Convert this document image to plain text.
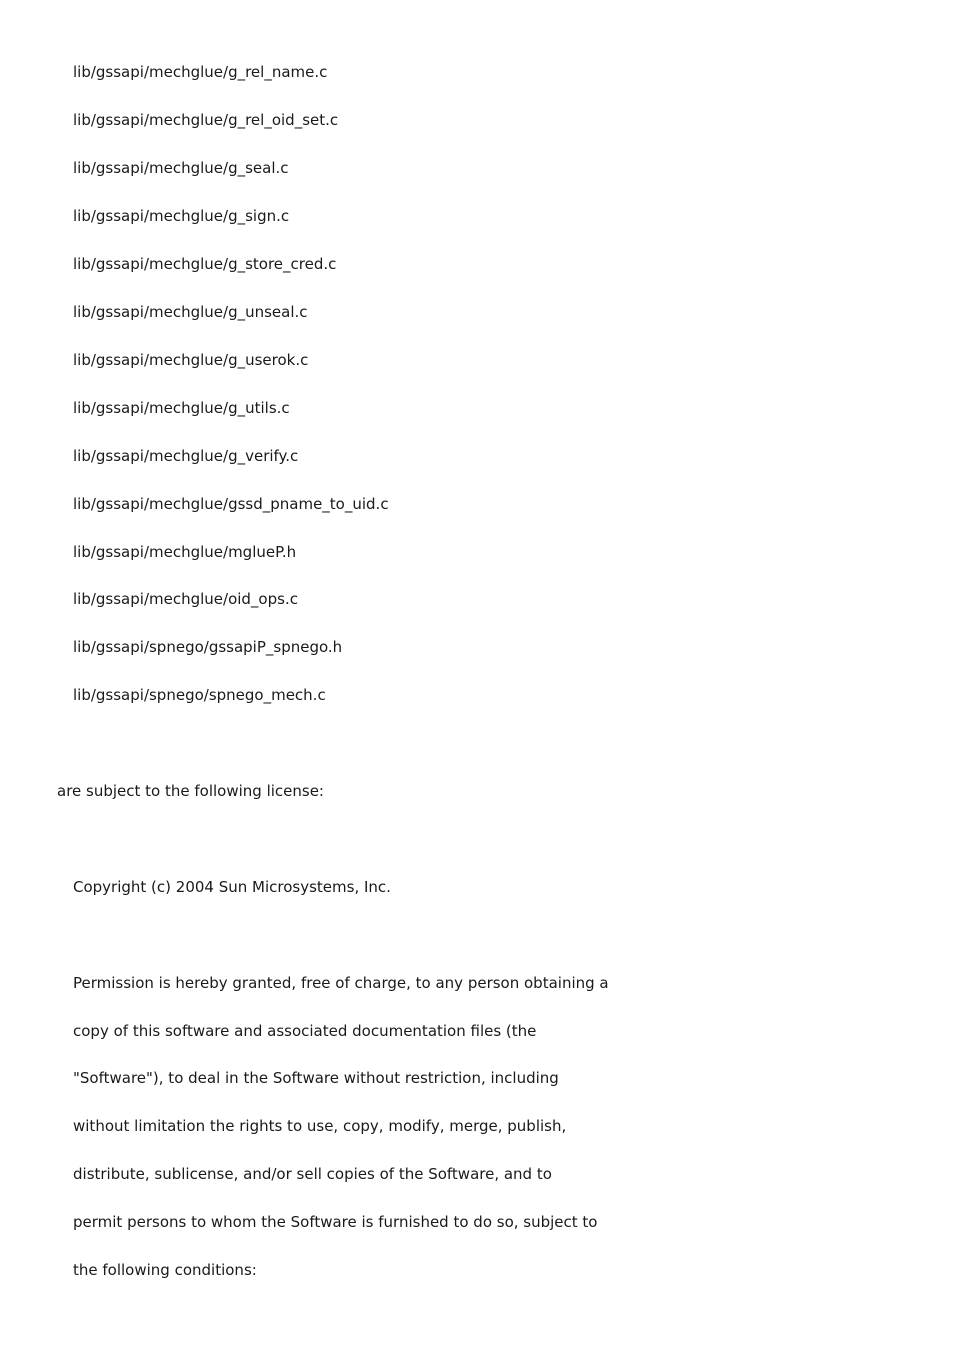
lib/gssapi/mechglue/g_rel_name.c
lib/gssapi/mechglue/g_rel_oid_set.c
lib/gssapi/mechglue/g_seal.c
lib/gssapi/mechglue/g_sign.c
lib/gssapi/mechglue/g_store_cred.c
lib/gssapi/mechglue/g_unseal.c
lib/gssapi/mechglue/g_userok.c
lib/gssapi/mechglue/g_utils.c
lib/gssapi/mechglue/g_verify.c
lib/gssapi/mechglue/gssd_pname_to_uid.c
lib/gssapi/mechglue/mglueP.h
lib/gssapi/mechglue/oid_ops.c
lib/gssapi/spnego/gssapiP_spnego.h
lib/gssapi/spnego/spnego_mech.c
are subject to the following license:
Copyright (c) 2004 Sun Microsystems, Inc.
Permission is hereby granted, free of charge, to any person obtaining a
copy of this software and associated documentation files (the
"Software"), to deal in the Software without restriction, including
without limitation the rights to use, copy, modify, merge, publish,
distribute, sublicense, and/or sell copies of the Software, and to
permit persons to whom the Software is furnished to do so, subject to
the following conditions:
